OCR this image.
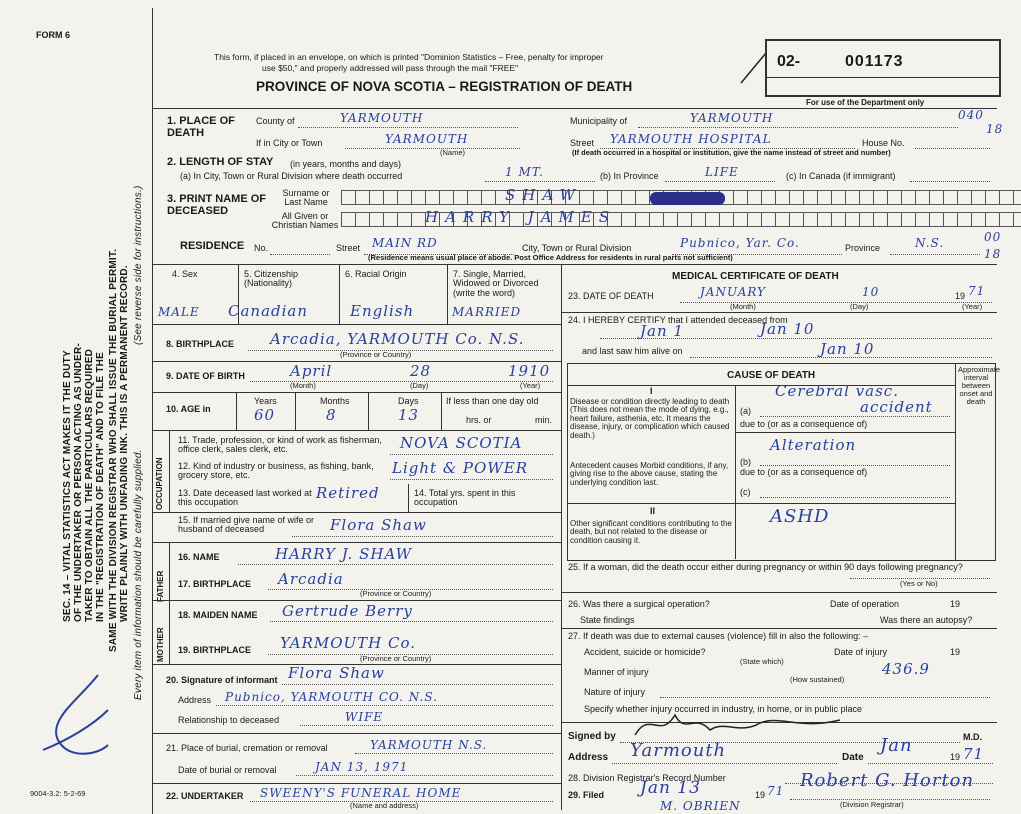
FORM 6
SEC. 14 – VITAL STATISTICS ACT MAKES IT THE DUTY OF THE UNDERTAKER OR PERSON ACTING AS UNDER- TAKER TO OBTAIN ALL THE PARTICULARS REQUIRED IN THE "REGISTRATION OF DEATH" AND TO FILE THE SAME WITH THE DIVISION REGISTRAR WHO SHALL ISSUE THE BURIAL PERMIT. WRITE PLAINLY WITH UNFADING INK. THIS IS A PERMANENT RECORD. Every item of information should be carefully supplied.
(See reverse side for instructions.)
This form, if placed in an envelope, on which is printed "Dominion Statistics – Free, penalty for improper
use $50," and properly addressed will pass through the mail "FREE"
PROVINCE OF NOVA SCOTIA – REGISTRATION OF DEATH
02-	001173
For use of the Department only
1. PLACE OF DEATH
County of	YARMOUTH	Municipality of	YARMOUTH	040
18
If in City or Town	YARMOUTH
(Name)
Street YARMOUTH HOSPITAL	House No.
(If death occurred in a hospital or institution, give the name instead of street and number)
2. LENGTH OF STAY (in years, months and days)
(a) In City, Town or Rural Division where death occurred	1 MT.	(b) In Province	LIFE	(c) In Canada (if immigrant)
3. PRINT NAME OF DECEASED
Surname or Last Name
All Given or Christian Names
SHAW
HARRY JAMES
RESIDENCE No.	Street MAIN RD	City, Town or Rural Division	Pubnico, Yar. Co.	Province	N.S.	00
18
(Residence means usual place of abode. Post Office Address for residents in rural parts not sufficient)
4. Sex	5. Citizenship (Nationality)
6. Racial Origin	7. Single, Married, Widowed or Divorced (write the word)
MALE Canadian	English	MARRIED
8. BIRTHPLACE Arcadia, YARMOUTH Co. N.S.
(Province or Country)
9. DATE OF BIRTH	April	28	1910
(Month)	(Day)	(Year)
10. AGE in
Years	Months	Days
60	8	13
If less than one day old
hrs. or	min.
OCCUPATION
11. Trade, profession, or kind of work as fisherman, office clerk, sales clerk, etc.	NOVA SCOTIA
12. Kind of industry or business, as fishing, bank, grocery store, etc.	Light & POWER
13. Date deceased last worked at this occupation
Retired	14. Total yrs. spent in this occupation
15. If married give name of wife or husband of deceased	Flora Shaw
FATHER
16. NAME	HARRY J. SHAW
17. BIRTHPLACE Arcadia
(Province or Country)
MOTHER
18. MAIDEN NAME Gertrude Berry
19. BIRTHPLACE YARMOUTH Co.
(Province or Country)
20. Signature of informant Flora Shaw
Address Pubnico, YARMOUTH CO. N.S.
Relationship to deceased	WIFE
21. Place of burial, cremation or removal	YARMOUTH N.S.
Date of burial or removal	JAN 13, 1971
22. UNDERTAKER SWEENY'S FUNERAL HOME
(Name and address)
9004-3.2: 5-2-69
MEDICAL CERTIFICATE OF DEATH
23. DATE OF DEATH	JANUARY	10	19 71
(Month)	(Day)	(Year)
24. I HEREBY CERTIFY that I attended deceased from
Jan 1	Jan 10
and last saw him alive on	Jan 10
CAUSE OF DEATH
Approximate interval between onset and death
I
Disease or condition directly leading to death (This does not mean the mode of dying, e.g., heart failure, asthenia, etc. It means the disease, injury, or complication which caused death.)
(a)
Cerebral vasc.
accident
due to (or as a consequence of)
Antecedent causes Morbid conditions, if any, giving rise to the above cause, stating the underlying condition last.
Alteration
(b)
due to (or as a consequence of)
(c)
II
Other significant conditions contributing to the death, but not related to the disease or condition causing it.
ASHD
25. If a woman, did the death occur either during pregnancy or within 90 days following pregnancy?
(Yes or No)
26. Was there a surgical operation?	Date of operation	19
State findings	Was there an autopsy?
27. If death was due to external causes (violence) fill in also the following: –
Accident, suicide or homicide?
(State which)
Date of injury	19
Manner of injury	436.9
(How sustained)
Nature of injury
Specify whether injury occurred in industry, in home, or in public place
Signed by	M.D.
Address Yarmouth	Date
Jan
19 71
28. Division Registrar's Record Number
29. Filed Jan 13	19 71
M. OBRIEN
Robert G. Horton
(Division Registrar)
